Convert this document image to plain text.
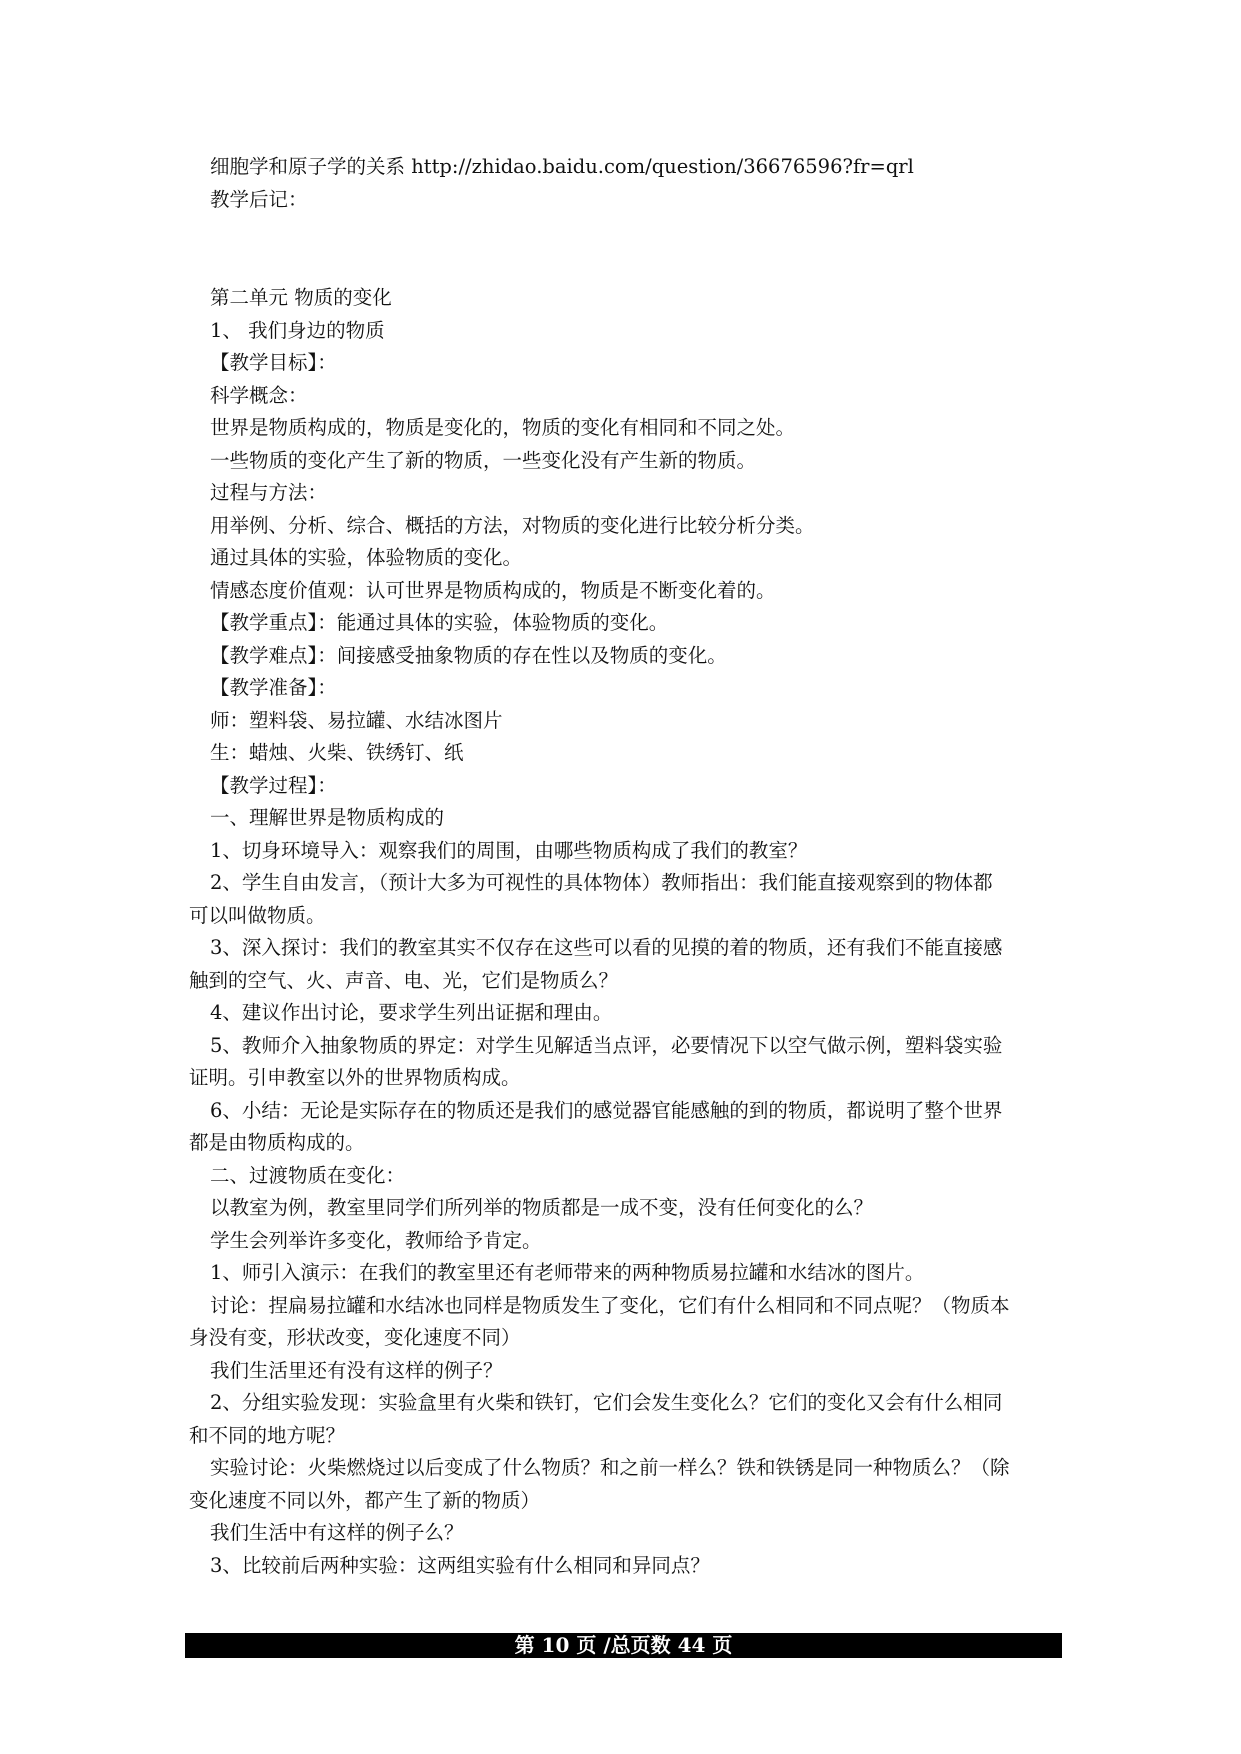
细胞学和原子学的关系 http://zhidao.baidu.com/question/36676596?fr=qrl
教学后记：
第二单元 物质的变化
1、 我们身边的物质
【教学目标】：
科学概念：
世界是物质构成的，物质是变化的，物质的变化有相同和不同之处。
一些物质的变化产生了新的物质，一些变化没有产生新的物质。
过程与方法：
用举例、分析、综合、概括的方法，对物质的变化进行比较分析分类。
通过具体的实验，体验物质的变化。
情感态度价值观：认可世界是物质构成的，物质是不断变化着的。
【教学重点】：能通过具体的实验，体验物质的变化。
【教学难点】：间接感受抽象物质的存在性以及物质的变化。
【教学准备】：
师：塑料袋、易拉罐、水结冰图片
生：蜡烛、火柴、铁绣钉、纸
【教学过程】：
一、理解世界是物质构成的
1、切身环境导入：观察我们的周围，由哪些物质构成了我们的教室？
2、学生自由发言，（预计大多为可视性的具体物体）教师指出：我们能直接观察到的物体都
可以叫做物质。
3、深入探讨：我们的教室其实不仅存在这些可以看的见摸的着的物质，还有我们不能直接感
触到的空气、火、声音、电、光，它们是物质么？
4、建议作出讨论，要求学生列出证据和理由。
5、教师介入抽象物质的界定：对学生见解适当点评，必要情况下以空气做示例，塑料袋实验
证明。引申教室以外的世界物质构成。
6、小结：无论是实际存在的物质还是我们的感觉器官能感触的到的物质，都说明了整个世界
都是由物质构成的。
二、过渡物质在变化：
以教室为例，教室里同学们所列举的物质都是一成不变，没有任何变化的么？
学生会列举许多变化，教师给予肯定。
1、师引入演示：在我们的教室里还有老师带来的两种物质易拉罐和水结冰的图片。
讨论：捏扁易拉罐和水结冰也同样是物质发生了变化，它们有什么相同和不同点呢？（物质本
身没有变，形状改变，变化速度不同）
我们生活里还有没有这样的例子？
2、分组实验发现：实验盒里有火柴和铁钉，它们会发生变化么？它们的变化又会有什么相同
和不同的地方呢？
实验讨论：火柴燃烧过以后变成了什么物质？和之前一样么？铁和铁锈是同一种物质么？（除
变化速度不同以外，都产生了新的物质）
我们生活中有这样的例子么？
3、比较前后两种实验：这两组实验有什么相同和异同点？
第 10 页 /总页数 44 页
